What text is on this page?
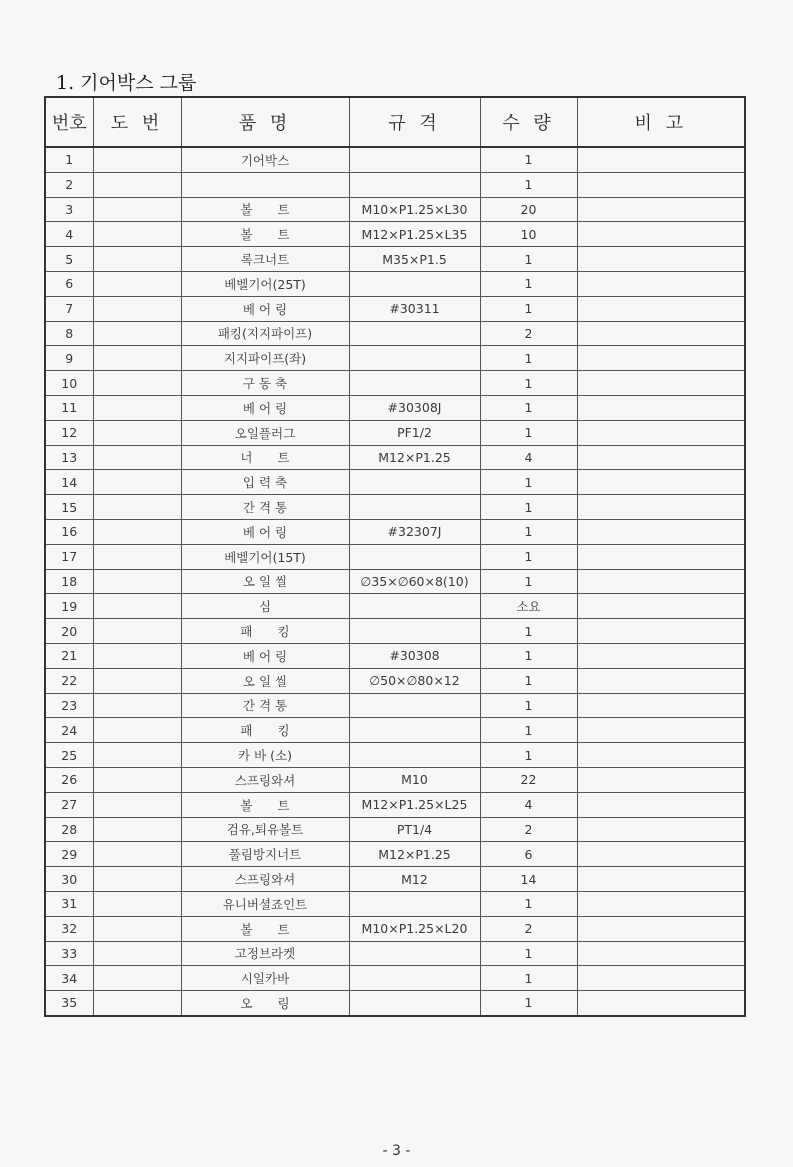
1. 기어박스 그룹
번호	도 번	품 명	규 격	수 량	비 고
1		기어박스		1	
2				1	
3		볼　　트	M10×P1.25×L30	20	
4		볼　　트	M12×P1.25×L35	10	
5		록크너트	M35×P1.5	1	
6		베벨기어(25T)		1	
7		베 어 링	#30311	1	
8		패킹(지지파이프)		2	
9		지지파이프(좌)		1	
10		구 동 축		1	
11		베 어 링	#30308J	1	
12		오일플러그	PF1/2	1	
13		너　　트	M12×P1.25	4	
14		입 력 축		1	
15		간 격 통		1	
16		베 어 링	#32307J	1	
17		베벨기어(15T)		1	
18		오 일 씰	∅35×∅60×8(10)	1	
19		심		소요	
20		패　　킹		1	
21		베 어 링	#30308	1	
22		오 일 씰	∅50×∅80×12	1	
23		간 격 통		1	
24		패　　킹		1	
25		카 바 (소)		1	
26		스프링와셔	M10	22	
27		볼　　트	M12×P1.25×L25	4	
28		검유,퇴유볼트	PT1/4	2	
29		풀림방지너트	M12×P1.25	6	
30		스프링와셔	M12	14	
31		유니버셜죠인트		1	
32		볼　　트	M10×P1.25×L20	2	
33		고정브라켓		1	
34		시일카바		1	
35		오　　링		1	
- 3 -
